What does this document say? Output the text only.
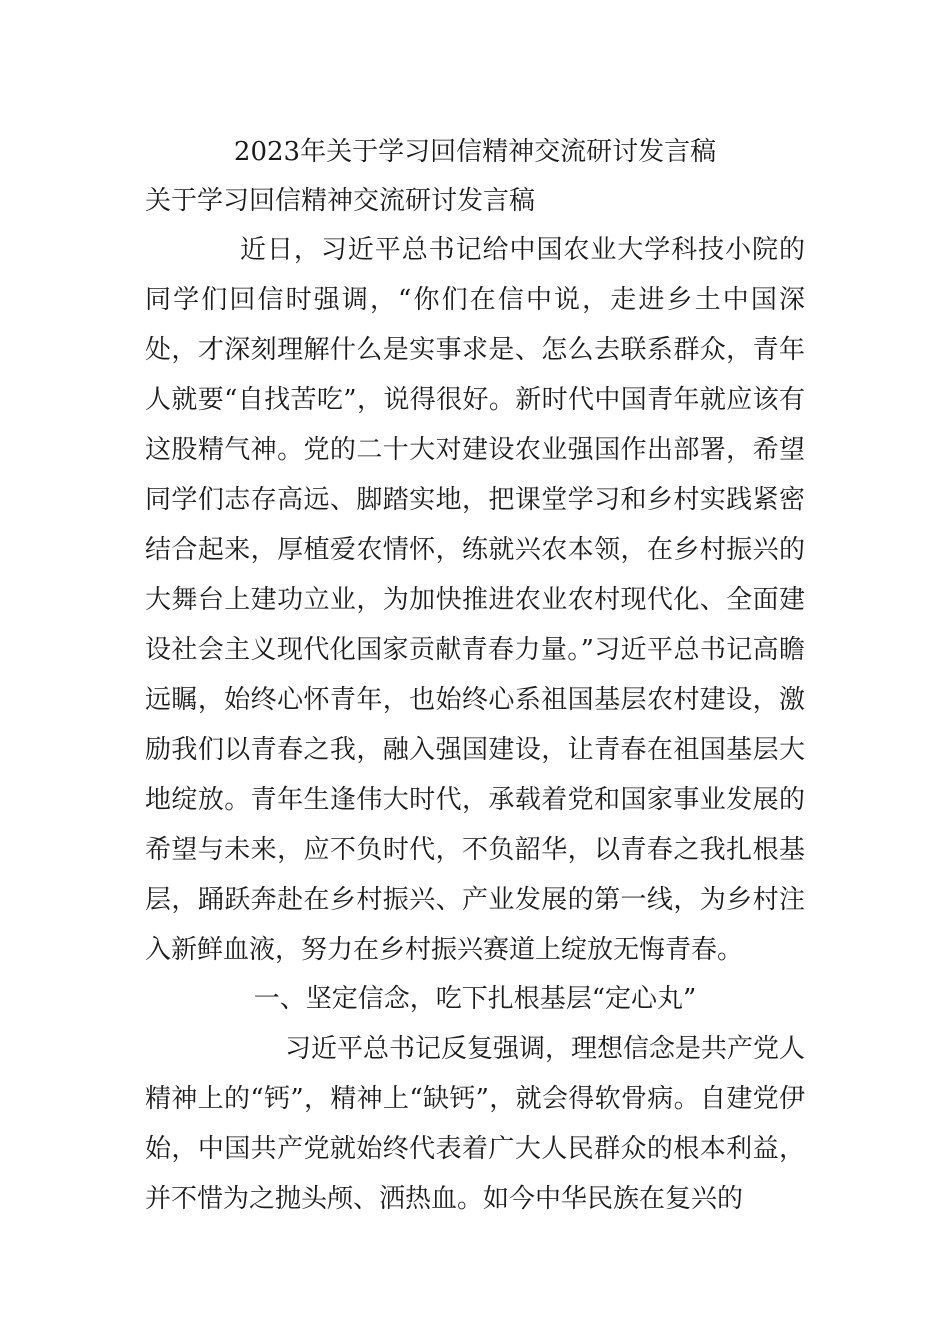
2023年关于学习回信精神交流研讨发言稿
关于学习回信精神交流研讨发言稿

近日，习近平总书记给中国农业大学科技小院的同学们回信时强调，“你们在信中说，走进乡土中国深处，才深刻理解什么是实事求是、怎么去联系群众，青年人就要“自找苦吃”，说得很好。新时代中国青年就应该有这股精气神。党的二十大对建设农业强国作出部署，希望同学们志存高远、脚踏实地，把课堂学习和乡村实践紧密结合起来，厚植爱农情怀，练就兴农本领，在乡村振兴的大舞台上建功立业，为加快推进农业农村现代化、全面建设社会主义现代化国家贡献青春力量。”习近平总书记高瞻远瞩，始终心怀青年，也始终心系祖国基层农村建设，激励我们以青春之我，融入强国建设，让青春在祖国基层大地绽放。青年生逢伟大时代，承载着党和国家事业发展的希望与未来，应不负时代，不负韶华，以青春之我扎根基层，踊跃奔赴在乡村振兴、产业发展的第一线，为乡村注入新鲜血液，努力在乡村振兴赛道上绽放无悔青春。

一、坚定信念，吃下扎根基层“定心丸”

习近平总书记反复强调，理想信念是共产党人精神上的“钙”，精神上“缺钙”，就会得软骨病。自建党伊始，中国共产党就始终代表着广大人民群众的根本利益，并不惜为之抛头颅、洒热血。如今中华民族在复兴的
